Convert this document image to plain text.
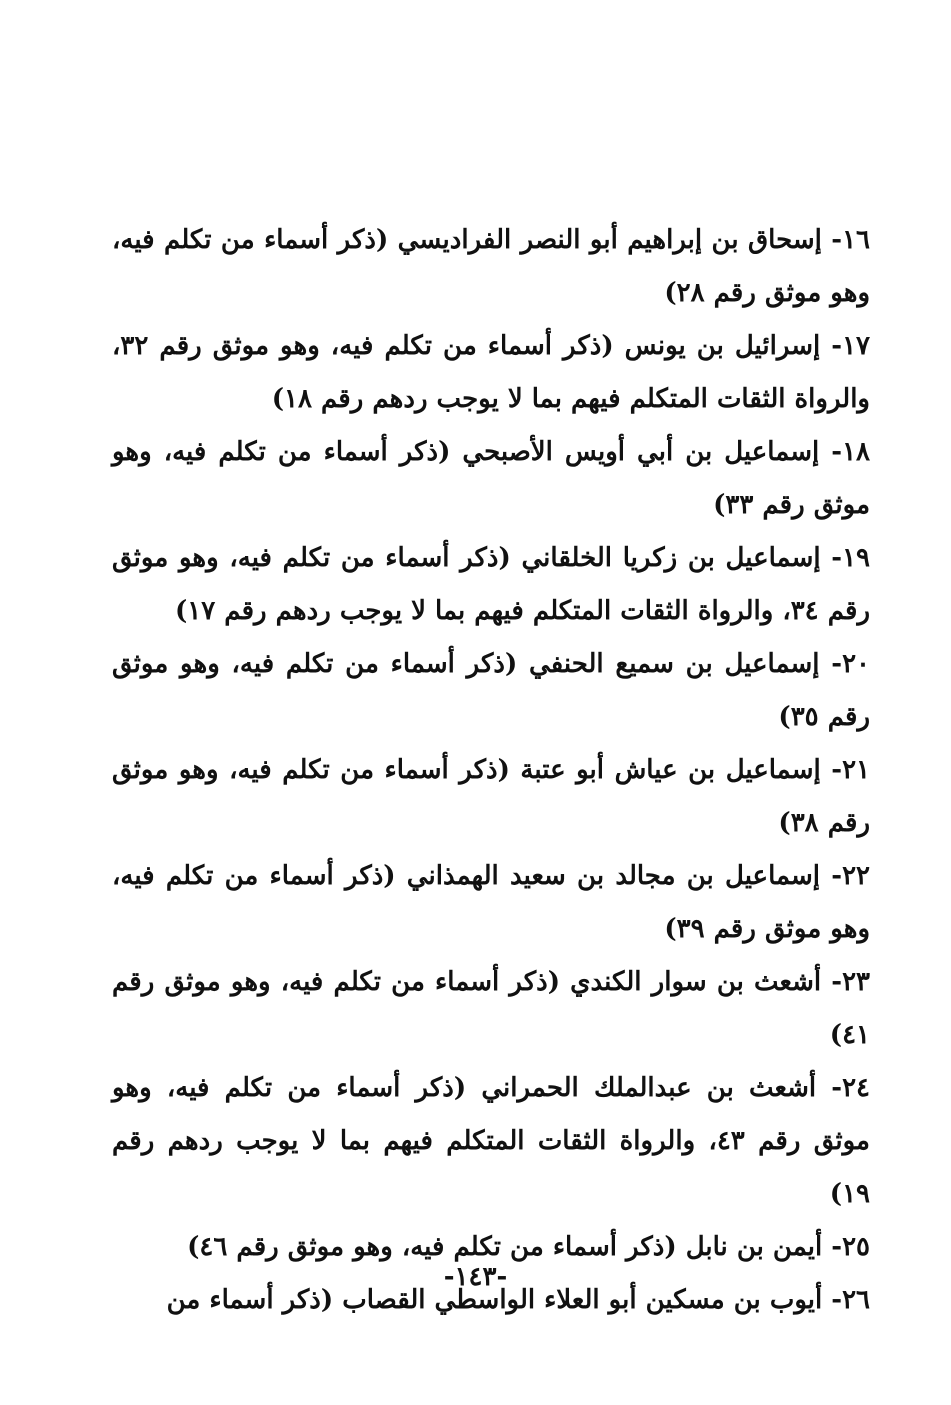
١٦- إسحاق بن إبراهيم أبو النصر الفراديسي (ذكر أسماء من تكلم فيه، وهو موثق رقم ٢٨)

١٧- إسرائيل بن يونس (ذكر أسماء من تكلم فيه، وهو موثق رقم ٣٢، والرواة الثقات المتكلم فيهم بما لا يوجب ردهم رقم ١٨)

١٨- إسماعيل بن أبي أويس الأصبحي (ذكر أسماء من تكلم فيه، وهو موثق رقم ٣٣)

١٩- إسماعيل بن زكريا الخلقاني (ذكر أسماء من تكلم فيه، وهو موثق رقم ٣٤، والرواة الثقات المتكلم فيهم بما لا يوجب ردهم رقم ١٧)

٢٠- إسماعيل بن سميع الحنفي (ذكر أسماء من تكلم فيه، وهو موثق رقم ٣٥)

٢١- إسماعيل بن عياش أبو عتبة (ذكر أسماء من تكلم فيه، وهو موثق رقم ٣٨)

٢٢- إسماعيل بن مجالد بن سعيد الهمذاني (ذكر أسماء من تكلم فيه، وهو موثق رقم ٣٩)

٢٣- أشعث بن سوار الكندي (ذكر أسماء من تكلم فيه، وهو موثق رقم ٤١)

٢٤- أشعث بن عبدالملك الحمراني (ذكر أسماء من تكلم فيه، وهو موثق رقم ٤٣، والرواة الثقات المتكلم فيهم بما لا يوجب ردهم رقم ١٩)

٢٥- أيمن بن نابل (ذكر أسماء من تكلم فيه، وهو موثق رقم ٤٦)

٢٦- أيوب بن مسكين أبو العلاء الواسطي القصاب (ذكر أسماء من

-١٤٣-
